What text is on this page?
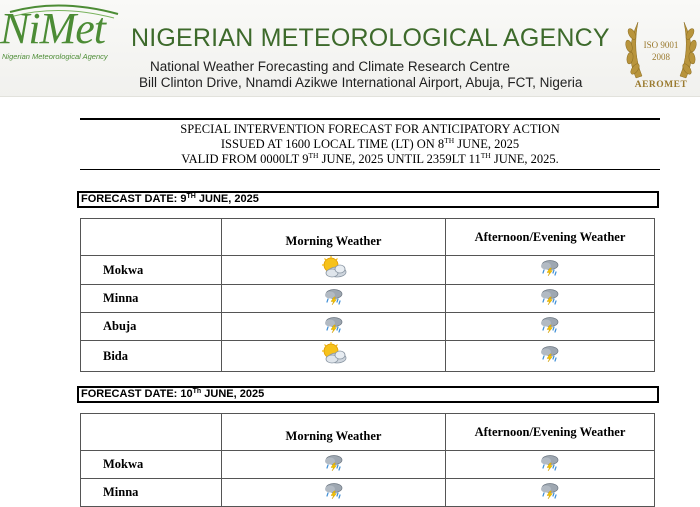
NiMet
Nigerian Meteorological Agency
NIGERIAN METEOROLOGICAL AGENCY
National Weather Forecasting and Climate Research Centre
Bill Clinton Drive, Nnamdi Azikwe International Airport, Abuja, FCT, Nigeria
ISO 9001
2008
AEROMET
SPECIAL INTERVENTION FORECAST FOR ANTICIPATORY ACTION
ISSUED AT 1600 LOCAL TIME (LT) ON 8TH JUNE, 2025
VALID FROM 0000LT 9TH JUNE, 2025 UNTIL 2359LT 11TH JUNE, 2025.
FORECAST DATE: 9TH JUNE, 2025
	Morning Weather	Afternoon/Evening Weather
Mokwa		
Minna		
Abuja		
Bida		
FORECAST DATE: 10Th JUNE, 2025
	Morning Weather	Afternoon/Evening Weather
Mokwa		
Minna		
